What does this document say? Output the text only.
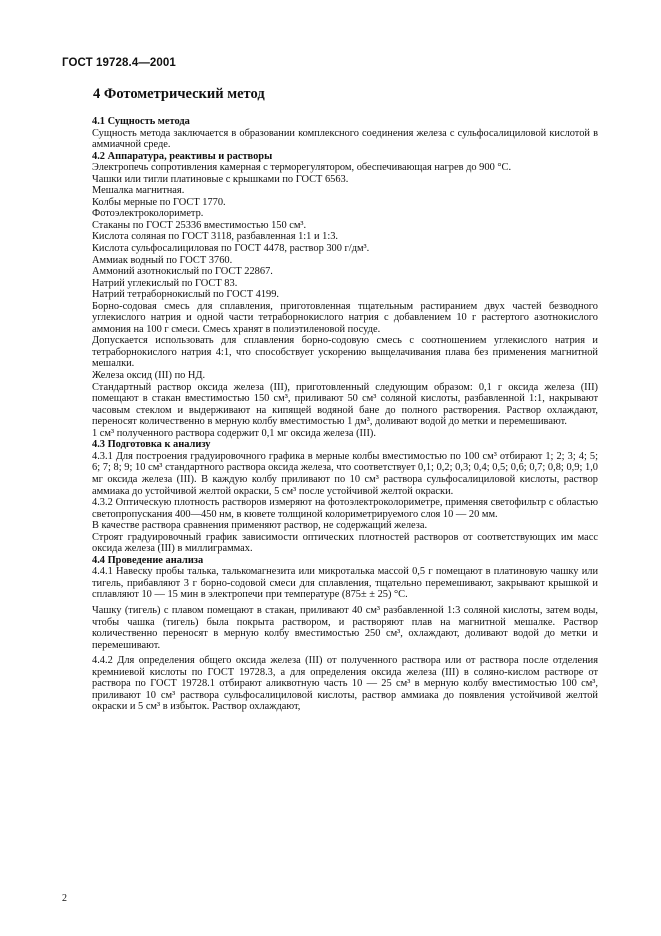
ГОСТ 19728.4—2001
4 Фотометрический метод

4.1 Сущность метода

Сущность метода заключается в образовании комплексного соединения железа с сульфосалициловой кислотой в аммиачной среде.

4.2 Аппаратура, реактивы и растворы

Электропечь сопротивления камерная с терморегулятором, обеспечивающая нагрев до 900 °С.

Чашки или тигли платиновые с крышками по ГОСТ 6563.

Мешалка магнитная.

Колбы мерные по ГОСТ 1770.

Фотоэлектроколориметр.

Стаканы по ГОСТ 25336 вместимостью 150 см³.

Кислота соляная по ГОСТ 3118, разбавленная 1:1 и 1:3.

Кислота сульфосалициловая по ГОСТ 4478, раствор 300 г/дм³.

Аммиак водный по ГОСТ 3760.

Аммоний азотнокислый по ГОСТ 22867.

Натрий углекислый по ГОСТ 83.

Натрий тетраборнокислый по ГОСТ 4199.

Борно-содовая смесь для сплавления, приготовленная тщательным растиранием двух частей безводного углекислого натрия и одной части тетраборнокислого натрия с добавлением 10 г растертого азотнокислого аммония на 100 г смеси. Смесь хранят в полиэтиленовой посуде.

Допускается использовать для сплавления борно-содовую смесь с соотношением углекислого натрия и тетраборнокислого натрия 4:1, что способствует ускорению выщелачивания плава без применения магнитной мешалки.

Железа оксид (III) по НД.

Стандартный раствор оксида железа (III), приготовленный следующим образом: 0,1 г оксида железа (III) помещают в стакан вместимостью 150 см³, приливают 50 см³ соляной кислоты, разбавленной 1:1, накрывают часовым стеклом и выдерживают на кипящей водяной бане до полного растворения. Раствор охлаждают, переносят количественно в мерную колбу вместимостью 1 дм³, доливают водой до метки и перемешивают.

1 см³ полученного раствора содержит 0,1 мг оксида железа (III).

4.3 Подготовка к анализу

4.3.1 Для построения градуировочного графика в мерные колбы вместимостью по 100 см³ отбирают 1; 2; 3; 4; 5; 6; 7; 8; 9; 10 см³ стандартного раствора оксида железа, что соответствует 0,1; 0,2; 0,3; 0,4; 0,5; 0,6; 0,7; 0,8; 0,9; 1,0 мг оксида железа (III). В каждую колбу приливают по 10 см³ раствора сульфосалициловой кислоты, раствор аммиака до устойчивой желтой окраски, 5 см³ после устойчивой желтой окраски.

4.3.2 Оптическую плотность растворов измеряют на фотоэлектроколориметре, применяя светофильтр с областью светопропускания 400—450 нм, в кювете толщиной колориметрируемого слоя 10 — 20 мм.

В качестве раствора сравнения применяют раствор, не содержащий железа.

Строят градуировочный график зависимости оптических плотностей растворов от соответствующих им масс оксида железа (III) в миллиграммах.

4.4 Проведение анализа

4.4.1 Навеску пробы талька, талькомагнезита или микроталька массой 0,5 г помещают в платиновую чашку или тигель, прибавляют 3 г борно-содовой смеси для сплавления, тщательно перемешивают, закрывают крышкой и сплавляют 10 — 15 мин в электропечи при температуре (875± ± 25) °С.

Чашку (тигель) с плавом помещают в стакан, приливают 40 см³ разбавленной 1:3 соляной кислоты, затем воды, чтобы чашка (тигель) была покрыта раствором, и растворяют плав на магнитной мешалке. Раствор количественно переносят в мерную колбу вместимостью 250 см³, охлаждают, доливают водой до метки и перемешивают.

4.4.2 Для определения общего оксида железа (III) от полученного раствора или от раствора после отделения кремниевой кислоты по ГОСТ 19728.3, а для определения оксида железа (III) в соляно-кислом растворе от раствора по ГОСТ 19728.1 отбирают аликвотную часть 10 — 25 см³ в мерную колбу вместимостью 100 см³, приливают 10 см³ раствора сульфосалициловой кислоты, раствор аммиака до появления устойчивой желтой окраски и 5 см³ в избыток. Раствор охлаждают,

2
